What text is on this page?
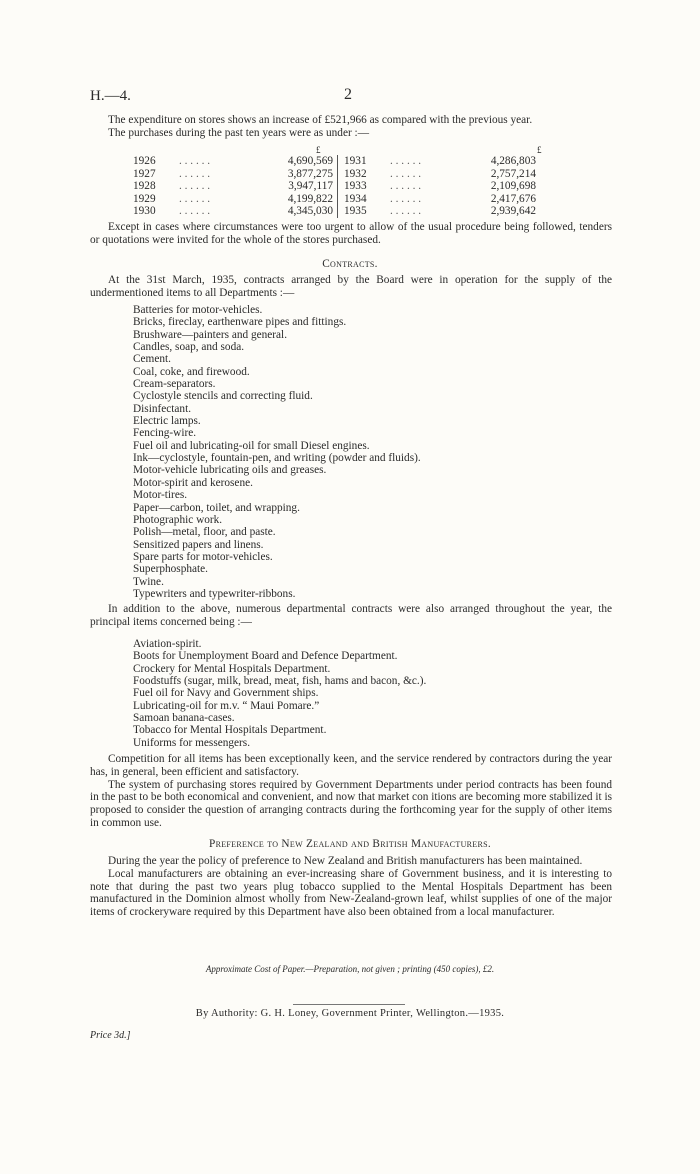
H.—4.	2

The expenditure on stores shows an increase of £521,966 as compared with the previous year.

The purchases during the past ten years were as under :—

£	£
1926	. . . . . .	4,690,569		1931	. . . . . .	4,286,803
1927	. . . . . .	3,877,275		1932	. . . . . .	2,757,214
1928	. . . . . .	3,947,117		1933	. . . . . .	2,109,698
1929	. . . . . .	4,199,822		1934	. . . . . .	2,417,676
1930	. . . . . .	4,345,030		1935	. . . . . .	2,939,642

Except in cases where circumstances were too urgent to allow of the usual procedure being followed, tenders or quotations were invited for the whole of the stores purchased.

Contracts.

At the 31st March, 1935, contracts arranged by the Board were in operation for the supply of the undermentioned items to all Departments :—

Batteries for motor-vehicles.
Bricks, fireclay, earthenware pipes and fittings.
Brushware—painters and general.
Candles, soap, and soda.
Cement.
Coal, coke, and firewood.
Cream-separators.
Cyclostyle stencils and correcting fluid.
Disinfectant.
Electric lamps.
Fencing-wire.
Fuel oil and lubricating-oil for small Diesel engines.
Ink—cyclostyle, fountain-pen, and writing (powder and fluids).
Motor-vehicle lubricating oils and greases.
Motor-spirit and kerosene.
Motor-tires.
Paper—carbon, toilet, and wrapping.
Photographic work.
Polish—metal, floor, and paste.
Sensitized papers and linens.
Spare parts for motor-vehicles.
Superphosphate.
Twine.
Typewriters and typewriter-ribbons.

In addition to the above, numerous departmental contracts were also arranged throughout the year, the principal items concerned being :—

Aviation-spirit.
Boots for Unemployment Board and Defence Department.
Crockery for Mental Hospitals Department.
Foodstuffs (sugar, milk, bread, meat, fish, hams and bacon, &c.).
Fuel oil for Navy and Government ships.
Lubricating-oil for m.v. “ Maui Pomare.”
Samoan banana-cases.
Tobacco for Mental Hospitals Department.
Uniforms for messengers.

Competition for all items has been exceptionally keen, and the service rendered by contractors during the year has, in general, been efficient and satisfactory.

The system of purchasing stores required by Government Departments under period contracts has been found in the past to be both economical and convenient, and now that market con itions are becoming more stabilized it is proposed to consider the question of arranging contracts during the forthcoming year for the supply of other items in common use.

Preference to New Zealand and British Manufacturers.

During the year the policy of preference to New Zealand and British manufacturers has been maintained.

Local manufacturers are obtaining an ever-increasing share of Government business, and it is interesting to note that during the past two years plug tobacco supplied to the Mental Hospitals Department has been manufactured in the Dominion almost wholly from New-Zealand-grown leaf, whilst supplies of one of the major items of crockeryware required by this Department have also been obtained from a local manufacturer.

Approximate Cost of Paper.—Preparation, not given ; printing (450 copies), £2.
By Authority: G. H. Loney, Government Printer, Wellington.—1935.
Price 3d.]
